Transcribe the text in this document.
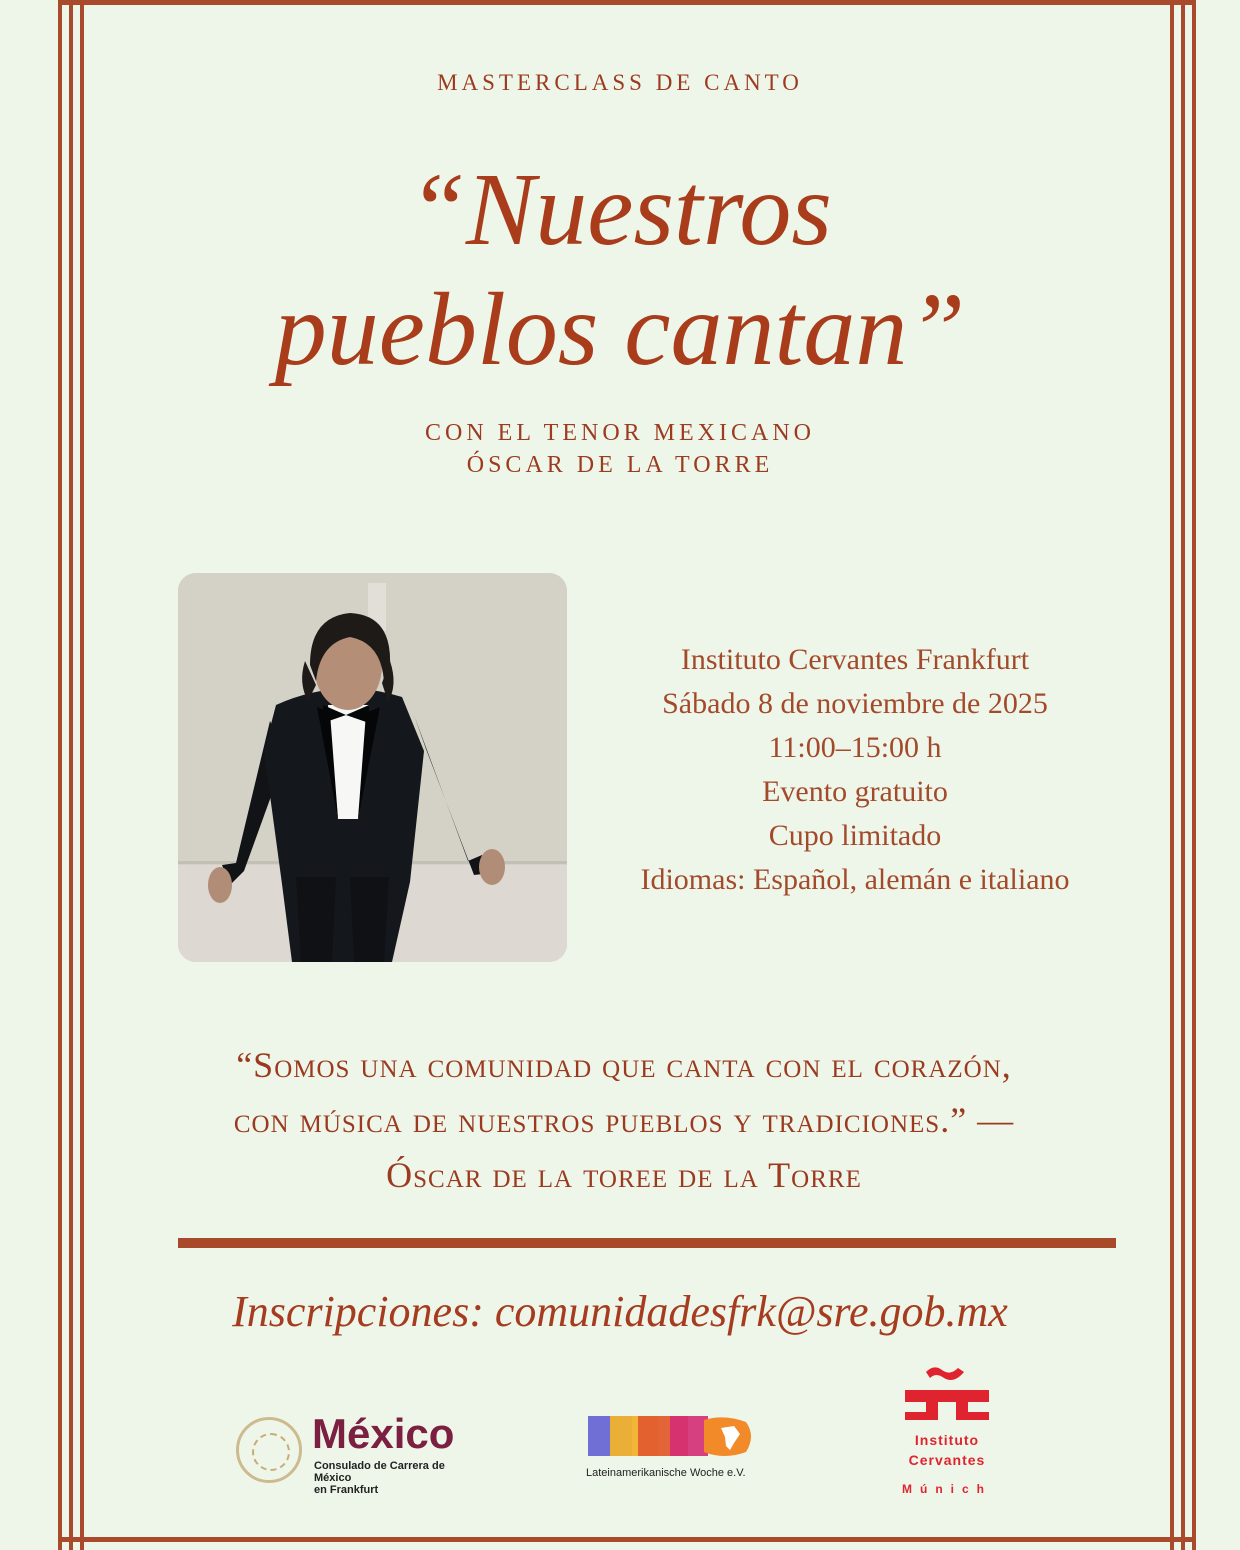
MASTERCLASS DE CANTO
“Nuestros
pueblos cantan”
CON EL TENOR MEXICANO
ÓSCAR DE LA TORRE
Instituto Cervantes Frankfurt
Sábado 8 de noviembre de 2025
11:00–15:00 h
Evento gratuito
Cupo limitado
Idiomas: Español, alemán e italiano
“Somos una comunidad que canta con el corazón,
con música de nuestros pueblos y tradiciones.” —
Óscar de la toree de la Torre
Inscripciones: comunidadesfrk@sre.gob.mx
México
Consulado de Carrera de México
en Frankfurt
Lateinamerikanische Woche e.V.
Instituto
Cervantes
Múnich
